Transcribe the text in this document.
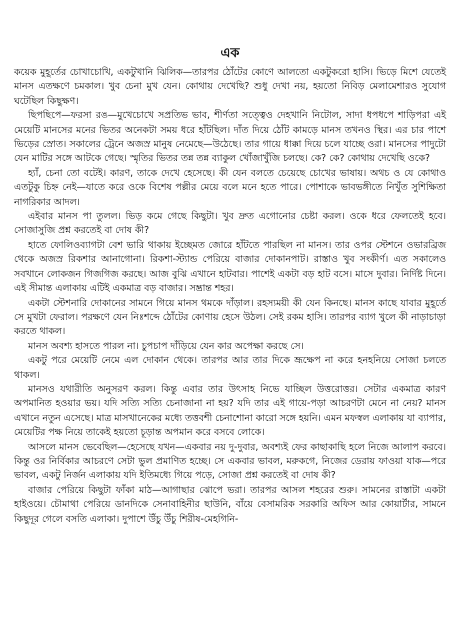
এক

কয়েক মুহূর্তের চোখাচোখি, একটুখানি ঝিলিক—তারপর ঠোঁটের কোণে আলতো একটুকরো হাসি। ভিড়ে মিশে যেতেই মানস এতক্ষণে চমকাল। খুব চেনা মুখ যেন। কোথায় দেখেছি? শুধু দেখা নয়, হয়তো নিবিড় মেলামেশারও সুযোগ ঘটেছিল কিছুক্ষণ।

ছিপছিপে—ফরসা রঙ—মুখেচোখে সপ্রতিভ ভাব, শীর্ণতা সত্ত্বেও দেহখানি নিটোল, সাদা ধপধপে শাড়িপরা এই মেয়েটি মানসের মনের ভিতর অনেকটা সময় ধরে হাঁটছিল। দাঁত দিয়ে ঠোঁট কামড়ে মানস তখনও স্থির। এর চার পাশে ভিড়ের স্রোত। সকালের ট্রেনে অজস্র মানুষ নেমেছে—উঠেছে। তার গায়ে ধাক্কা দিয়ে চলে যাচ্ছে ওরা। মানসের পাদুটো যেন মাটির সঙ্গে আটকে গেছে। স্মৃতির ভিতর তন্ন তন্ন ব্যাকুল খোঁজাখুঁজি চলছে। কে? কে? কোথায় দেখেছি ওকে?

হ্যাঁ, চেনা তো বটেই। কারণ, তাকে দেখে হেসেছে। কী যেন বলতে চেয়েছে চোখের ভাষায়। অথচ ও যে কোথাও এতটুকু চিহ্ন নেই—যাতে করে ওকে বিশেষ পল্লীর মেয়ে বলে মনে হতে পারে। পোশাকে ভাবভঙ্গীতে নিখুঁত সুশিক্ষিতা নাগরিকার আদল।

এইবার মানস পা তুলল। ভিড় কমে গেছে কিছুটা। খুব দ্রুত এগোনোর চেষ্টা করল। ওকে ধরে ফেলতেই হবে। সোজাসুজি প্রশ্ন করতেই বা দোষ কী?

হাতে ফোলিওব্যাগটা বেশ ভারি থাকায় ইচ্ছেমত জোরে হাঁটতে পারছিল না মানস। তার ওপর স্টেশনে ওভারব্রিজ থেকে অজস্র রিকশার আনাগোনা। রিকশা-স্ট্যান্ড পেরিয়ে বাজার দোকানপাট। রাস্তাও খুব সংকীর্ণ। এত সকালেও সবখানে লোকজন গিজগিজ করছে। আজ বুঝি এখানে হাটবার। পাশেই একটা বড় হাট বসে। মাসে দুবার। নির্দিষ্ট দিনে। এই সীমান্ত এলাকায় এটিই একমাত্র বড় বাজার। সম্ভ্রান্ত শহর।

একটা স্টেশনারি দোকানের সামনে গিয়ে মানস থমকে দাঁড়াল। রহস্যময়ী কী যেন কিনছে। মানস কাছে যাবার মুহূর্তে সে মুখটা ফেরাল। পরক্ষণে যেন নিঃশব্দে ঠোঁটের কোণায় হেসে উঠল। সেই রকম হাসি। তারপর ব্যাগ খুলে কী নাড়াচাড়া করতে থাকল।

মানস অবশ্য হাসতে পারল না। চুপচাপ দাঁড়িয়ে যেন কার অপেক্ষা করছে সে।

একটু পরে মেয়েটি নেমে এল দোকান থেকে। তারপর আর তার দিকে ভ্রূক্ষেপ না করে হনহনিয়ে সোজা চলতে থাকল।

মানসও যথারীতি অনুসরণ করল। কিন্তু এবার তার উৎসাহ নিভে যাচ্ছিল উত্তরোত্তর। সেটার একমাত্র কারণ অপমানিত হওয়ার ভয়। যদি সত্যি সত্যি চেনাজানা না হয়? যদি তার এই গায়ে-পড়া আচরণটা মেনে না নেয়? মানস এখানে নতুন এসেছে। মাত্র মাসখানেকের মধ্যে তত্তবশী চেনাশোনা কারো সঙ্গে হয়নি। এমন মফস্বল এলাকায় যা ব্যাপার, মেয়েটির পক্ষ নিয়ে তাকেই হয়তো চূড়ান্ত অপমান করে বসবে লোকে।

আসলে মানস ভেবেছিল—হেসেছে যখন—একবার নয় দু-দুবার, অবশ্যই ফের কাছাকাছি হলে নিজে আলাপ করবে। কিন্তু ওর নির্বিকার আচরণে সেটা ভুল প্রমাণিত হচ্ছে। সে একবার ভাবল, মরুকগে, নিজের ডেরায় ফাওয়া যাক—পরে ভাবল, একটু নির্জন এলাকায় যদি ইতিমধ্যে গিয়ে পড়ে, সোজা প্রশ্ন করতেই বা দোষ কী?

বাজার পেরিয়ে কিছুটা ফাঁকা মাঠ—আগাছার ঝোপে ভরা। তারপর আসল শহরের শুরু। সামনের রাস্তাটা একটা হাইওয়ে। চৌমাথা পেরিয়ে ডানদিকে সেনাবাহিনীর ছাউনি, বাঁয়ে বেসামরিক সরকারি অফিস আর কোয়ার্টার, সামনে কিছুদূর গেলে বসতি এলাকা। দুপাশে উঁচু উঁচু শিরীষ-মেহগিনি-
